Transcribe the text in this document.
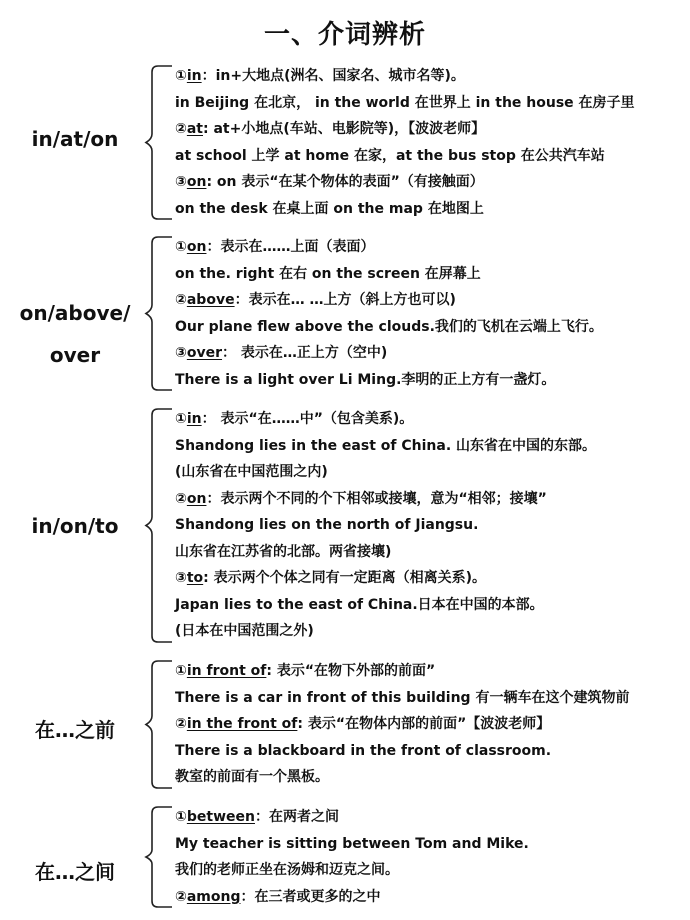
一、介词辨析
in/at/on
①in：in+大地点(洲名、国家名、城市名等)。
in Beijing 在北京， in the world 在世界上 in the house 在房子里
②at: at+小地点(车站、电影院等)，【波波老师】
at school 上学 at home 在家，at the bus stop 在公共汽车站
③on: on 表示“在某个物体的表面”（有接触面）
on the desk 在桌上面 on the map 在地图上
on/above/
over
①on：表示在……上面（表面）
on the. right 在右 on the screen 在屏幕上
②above：表示在… …上方（斜上方也可以)
Our plane flew above the clouds.我们的飞机在云端上飞行。
③over： 表示在…正上方（空中)
There is a light over Li Ming.李明的正上方有一盏灯。
in/on/to
①in： 表示“在……中”（包含美系)。
Shandong lies in the east of China. 山东省在中国的东部。
(山东省在中国范围之内)
②on：表示两个不同的个下相邻或接壤，意为“相邻；接壤”
Shandong lies on the north of Jiangsu.
山东省在江苏省的北部。两省接壤)
③to: 表示两个个体之同有一定距离（相离关系)。
Japan lies to the east of China.日本在中国的本部。
(日本在中国范围之外)
在…之前
①in front of: 表示“在物下外部的前面”
There is a car in front of this building 有一辆车在这个建筑物前
②in the front of: 表示“在物体内部的前面”【波波老师】
There is a blackboard in the front of classroom.
教室的前面有一个黑板。
在…之间
①between：在两者之间
My teacher is sitting between Tom and Mike.
我们的老师正坐在汤姆和迈克之间。
②among：在三者或更多的之中
